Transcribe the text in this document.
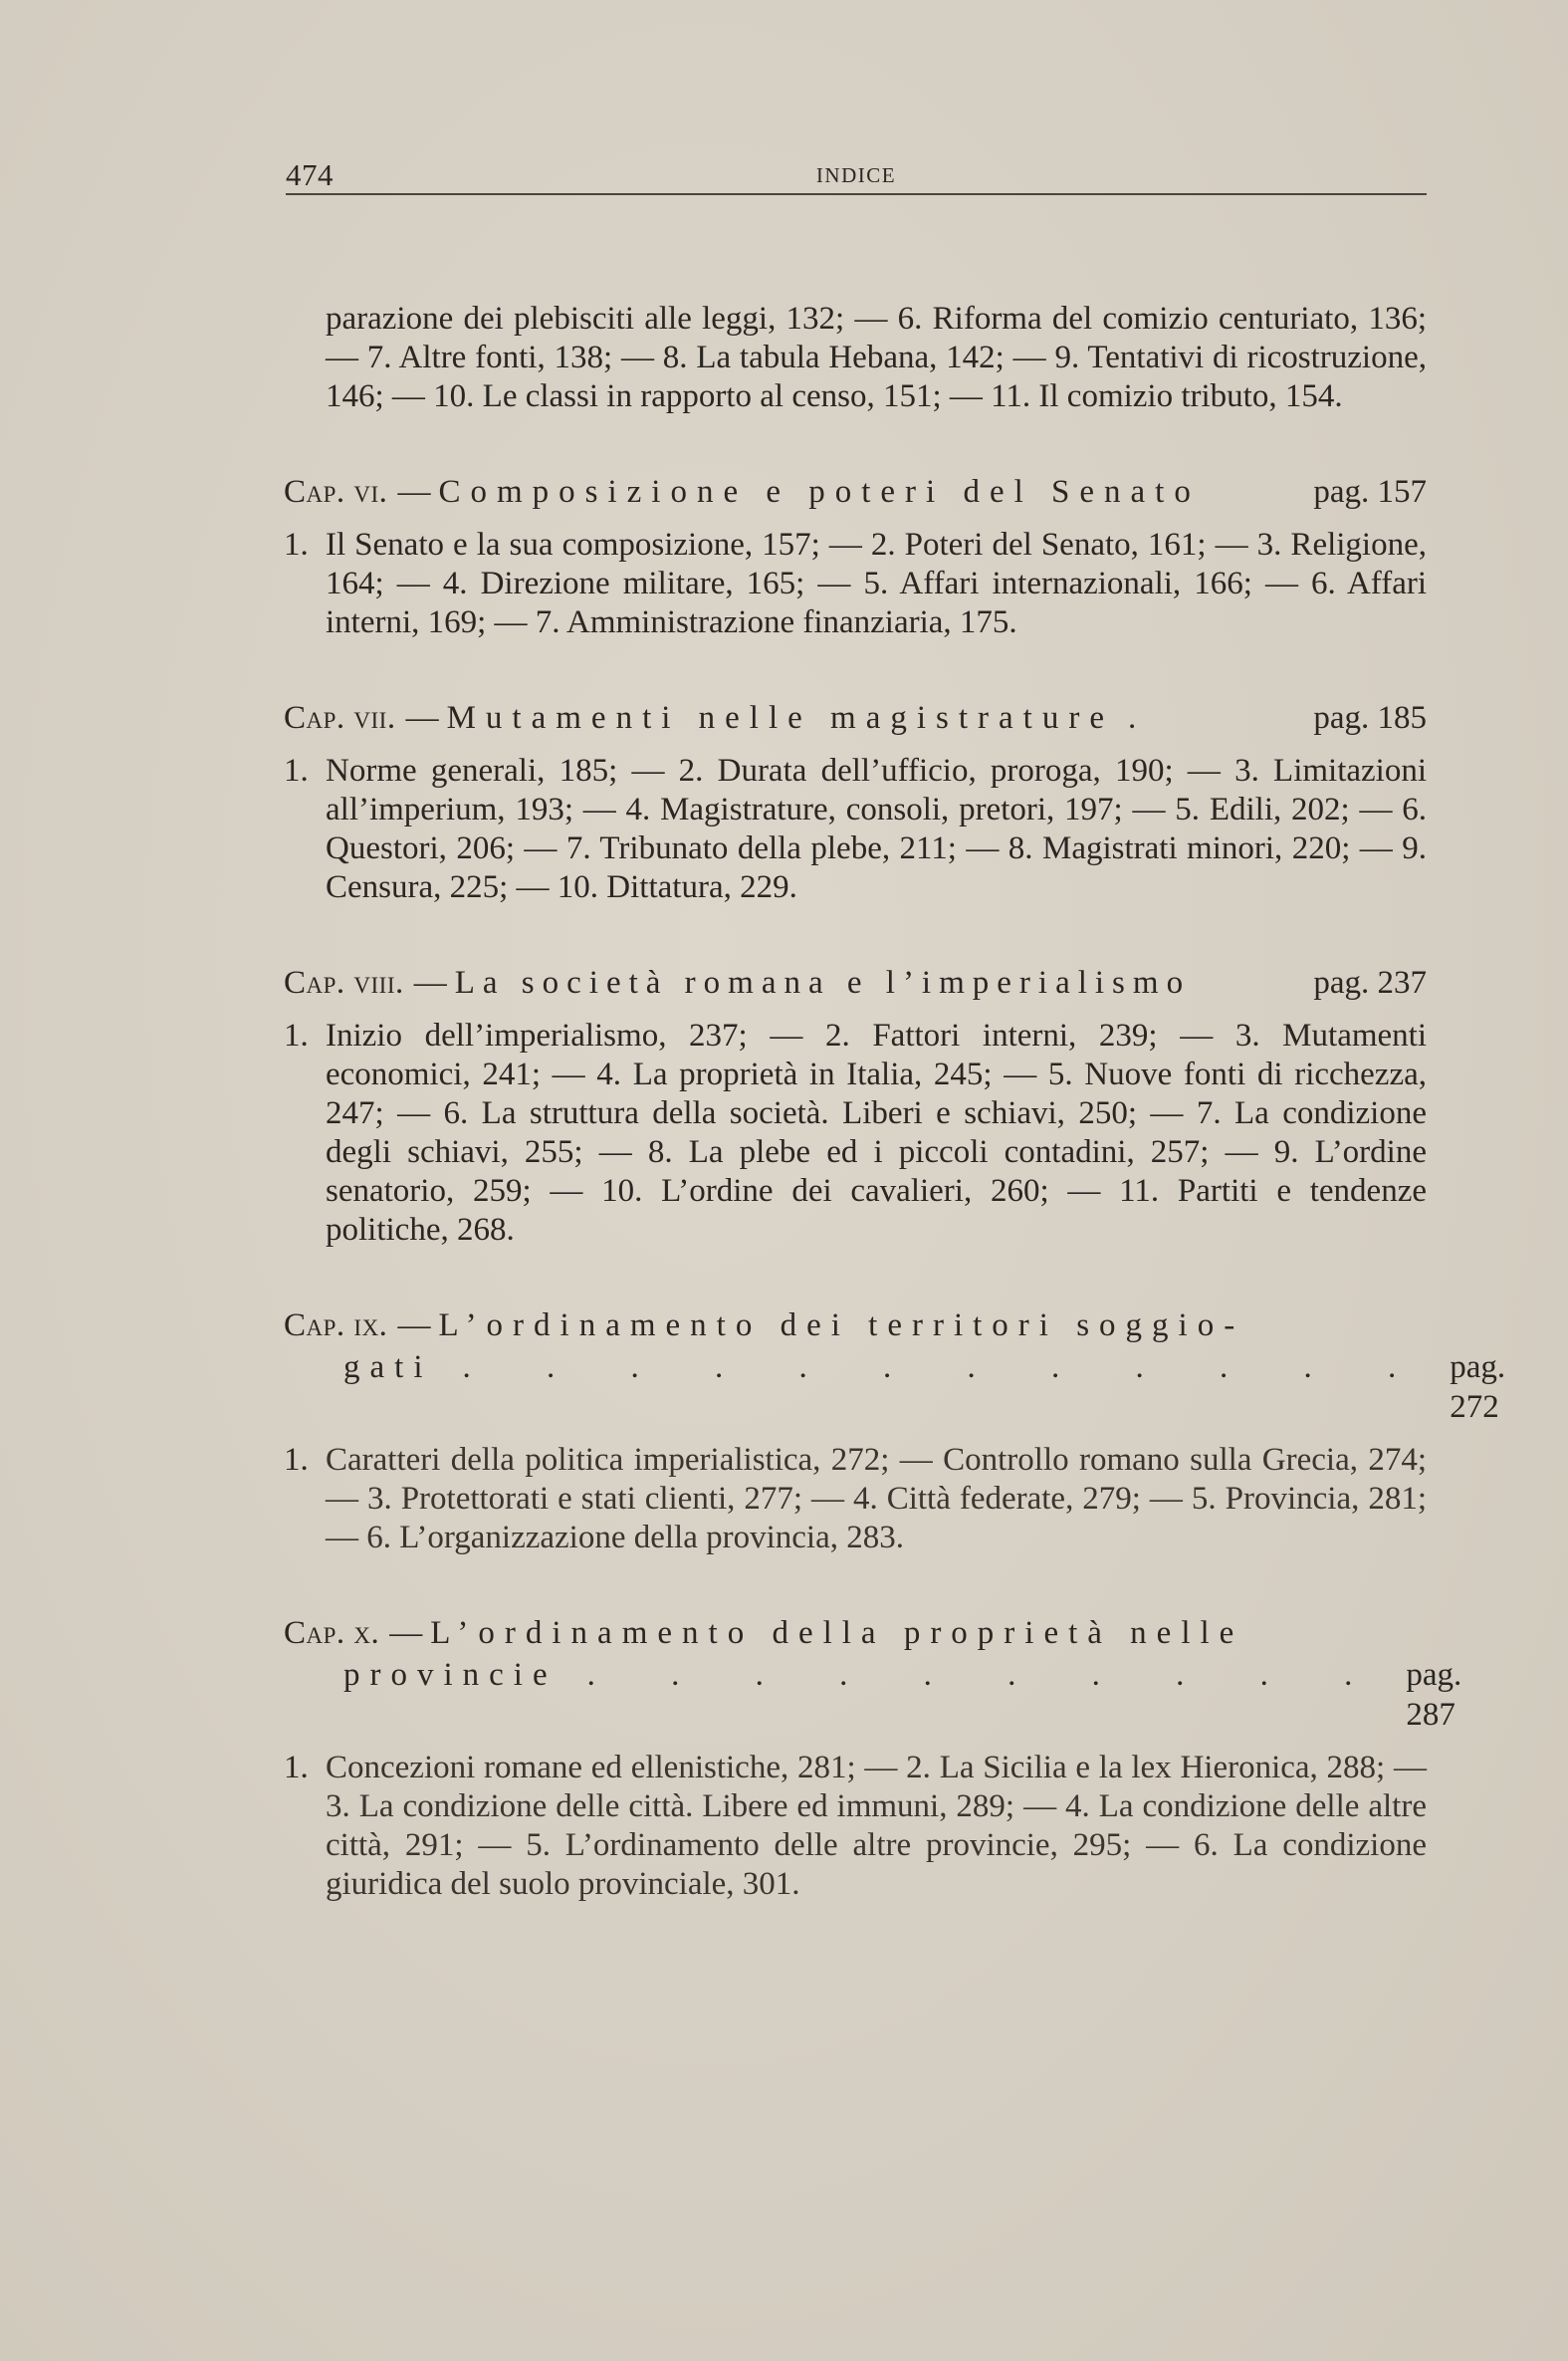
474	INDICE

parazione dei plebisciti alle leggi, 132; — 6. Riforma del comizio centuriato, 136; — 7. Altre fonti, 138; — 8. La tabula Hebana, 142; — 9. Tentativi di ricostruzione, 146; — 10. Le classi in rapporto al censo, 151; — 11. Il comizio tributo, 154.

Cap. vi. — Composizione e poteri del Senato	pag. 157
1. Il Senato e la sua composizione, 157; — 2. Poteri del Senato, 161; — 3. Religione, 164; — 4. Direzione militare, 165; — 5. Affari internazionali, 166; — 6. Affari interni, 169; — 7. Amministrazione finanziaria, 175.

Cap. vii. — Mutamenti nelle magistrature .	pag. 185
1. Norme generali, 185; — 2. Durata dell’ufficio, proroga, 190; — 3. Limitazioni all’imperium, 193; — 4. Magistrature, consoli, pretori, 197; — 5. Edili, 202; — 6. Questori, 206; — 7. Tribunato della plebe, 211; — 8. Magistrati minori, 220; — 9. Censura, 225; — 10. Dittatura, 229.

Cap. viii. — La società romana e l’imperialismo	pag. 237
1. Inizio dell’imperialismo, 237; — 2. Fattori interni, 239; — 3. Mutamenti economici, 241; — 4. La proprietà in Italia, 245; — 5. Nuove fonti di ricchezza, 247; — 6. La struttura della società. Liberi e schiavi, 250; — 7. La condizione degli schiavi, 255; — 8. La plebe ed i piccoli contadini, 257; — 9. L’ordine senatorio, 259; — 10. L’ordine dei cavalieri, 260; — 11. Partiti e tendenze politiche, 268.

Cap. ix. — L’ordinamento dei territori soggio-
gati . . . . . . . . . . . . pag. 272
1. Caratteri della politica imperialistica, 272; — Controllo romano sulla Grecia, 274; — 3. Protettorati e stati clienti, 277; — 4. Città federate, 279; — 5. Provincia, 281; — 6. L’organizzazione della provincia, 283.

Cap. x. — L’ordinamento della proprietà nelle
provincie . . . . . . . . . . pag. 287
1. Concezioni romane ed ellenistiche, 281; — 2. La Sicilia e la lex Hieronica, 288; — 3. La condizione delle città. Libere ed immuni, 289; — 4. La condizione delle altre città, 291; — 5. L’ordinamento delle altre provincie, 295; — 6. La condizione giuridica del suolo provinciale, 301.
